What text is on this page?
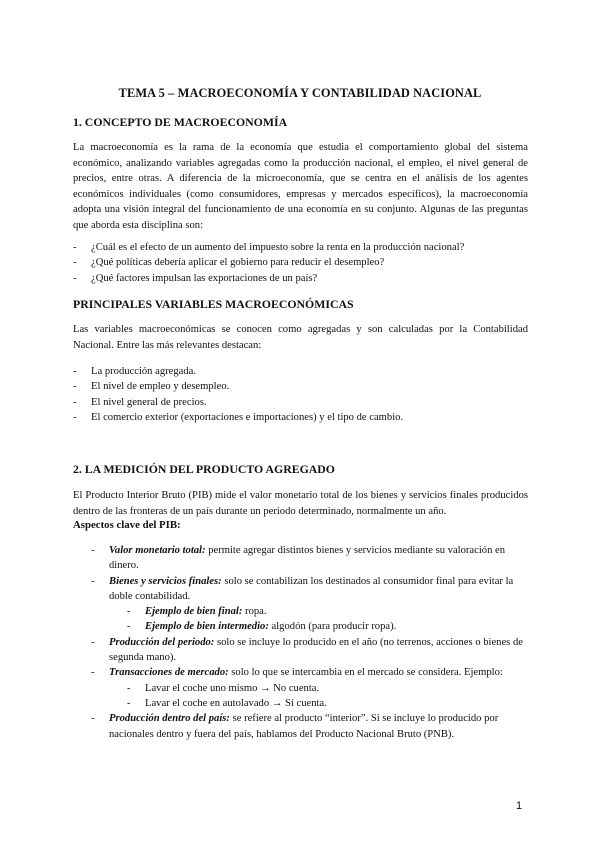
TEMA 5 – MACROECONOMÍA Y CONTABILIDAD NACIONAL
1. CONCEPTO DE MACROECONOMÍA
La macroeconomía es la rama de la economía que estudia el comportamiento global del sistema económico, analizando variables agregadas como la producción nacional, el empleo, el nivel general de precios, entre otras. A diferencia de la microeconomía, que se centra en el análisis de los agentes económicos individuales (como consumidores, empresas y mercados específicos), la macroeconomía adopta una visión integral del funcionamiento de una economía en su conjunto. Algunas de las preguntas que aborda esta disciplina son:
- ¿Cuál es el efecto de un aumento del impuesto sobre la renta en la producción nacional?
- ¿Qué políticas debería aplicar el gobierno para reducir el desempleo?
- ¿Qué factores impulsan las exportaciones de un país?
PRINCIPALES VARIABLES MACROECONÓMICAS
Las variables macroeconómicas se conocen como agregadas y son calculadas por la Contabilidad Nacional. Entre las más relevantes destacan:
- La producción agregada.
- El nivel de empleo y desempleo.
- El nivel general de precios.
- El comercio exterior (exportaciones e importaciones) y el tipo de cambio.
2. LA MEDICIÓN DEL PRODUCTO AGREGADO
El Producto Interior Bruto (PIB) mide el valor monetario total de los bienes y servicios finales producidos dentro de las fronteras de un país durante un periodo determinado, normalmente un año.
Aspectos clave del PIB:
- Valor monetario total: permite agregar distintos bienes y servicios mediante su valoración en dinero.
- Bienes y servicios finales: solo se contabilizan los destinados al consumidor final para evitar la doble contabilidad.
- Ejemplo de bien final: ropa.
- Ejemplo de bien intermedio: algodón (para producir ropa).
- Producción del periodo: solo se incluye lo producido en el año (no terrenos, acciones o bienes de segunda mano).
- Transacciones de mercado: solo lo que se intercambia en el mercado se considera. Ejemplo:
- Lavar el coche uno mismo → No cuenta.
- Lavar el coche en autolavado → Sí cuenta.
- Producción dentro del país: se refiere al producto “interior”. Si se incluye lo producido por nacionales dentro y fuera del país, hablamos del Producto Nacional Bruto (PNB).
1
